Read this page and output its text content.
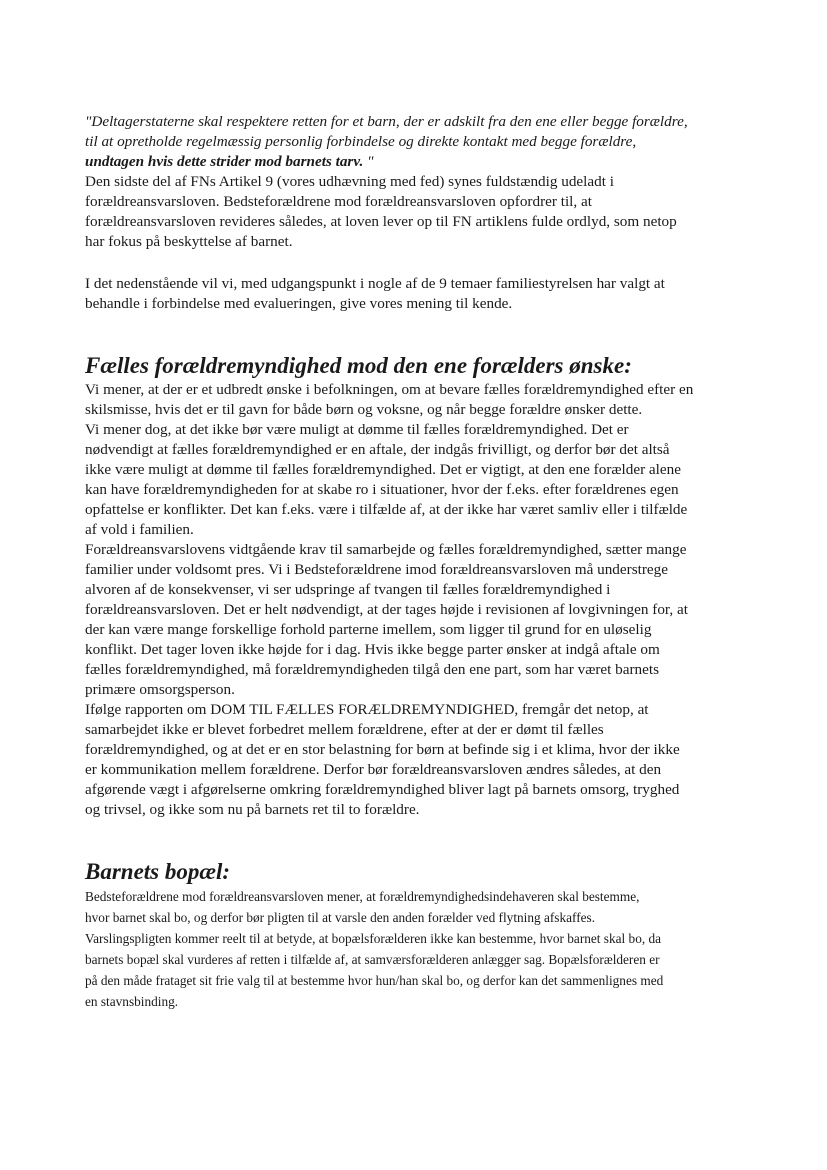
"Deltagerstaterne skal respektere retten for et barn, der er adskilt fra den ene eller begge forældre,
til at opretholde regelmæssig personlig forbindelse og direkte kontakt med begge forældre,
undtagen hvis dette strider mod barnets tarv. "
Den sidste del af FNs Artikel 9 (vores udhævning med fed) synes fuldstændig udeladt i
forældreansvarsloven. Bedsteforældrene mod forældreansvarsloven opfordrer til, at
forældreansvarsloven revideres således, at loven lever op til FN artiklens fulde ordlyd, som netop
har fokus på beskyttelse af barnet.
I det nedenstående vil vi, med udgangspunkt i nogle af de 9 temaer familiestyrelsen har valgt at
behandle i forbindelse med evalueringen, give vores mening til kende.
Fælles forældremyndighed mod den ene forælders ønske:
Vi mener, at der er et udbredt ønske i befolkningen, om at bevare fælles forældremyndighed efter en
skilsmisse, hvis det er til gavn for både børn og voksne, og når begge forældre ønsker dette.
Vi mener dog, at det ikke bør være muligt at dømme til fælles forældremyndighed. Det er
nødvendigt at fælles forældremyndighed er en aftale, der indgås frivilligt, og derfor bør det altså
ikke være muligt at dømme til fælles forældremyndighed. Det er vigtigt, at den ene forælder alene
kan have forældremyndigheden for at skabe ro i situationer, hvor der f.eks. efter forældrenes egen
opfattelse er konflikter. Det kan f.eks. være i tilfælde af, at der ikke har været samliv eller i tilfælde
af vold i familien.
Forældreansvarslovens vidtgående krav til samarbejde og fælles forældremyndighed, sætter mange
familier under voldsomt pres. Vi i Bedsteforældrene imod forældreansvarsloven må understrege
alvoren af de konsekvenser, vi ser udspringe af tvangen til fælles forældremyndighed i
forældreansvarsloven. Det er helt nødvendigt, at der tages højde i revisionen af lovgivningen for, at
der kan være mange forskellige forhold parterne imellem, som ligger til grund for en uløselig
konflikt. Det tager loven ikke højde for i dag. Hvis ikke begge parter ønsker at indgå aftale om
fælles forældremyndighed, må forældremyndigheden tilgå den ene part, som har været barnets
primære omsorgsperson.
Ifølge rapporten om DOM TIL FÆLLES FORÆLDREMYNDIGHED, fremgår det netop, at
samarbejdet ikke er blevet forbedret mellem forældrene, efter at der er dømt til fælles
forældremyndighed, og at det er en stor belastning for børn at befinde sig i et klima, hvor der ikke
er kommunikation mellem forældrene. Derfor bør forældreansvarsloven ændres således, at den
afgørende vægt i afgørelserne omkring forældremyndighed bliver lagt på barnets omsorg, tryghed
og trivsel, og ikke som nu på barnets ret til to forældre.
Barnets bopæl:
Bedsteforældrene mod forældreansvarsloven mener, at forældremyndighedsindehaveren skal bestemme,
hvor barnet skal bo, og derfor bør pligten til at varsle den anden forælder ved flytning afskaffes.
Varslingspligten kommer reelt til at betyde, at bopælsforælderen ikke kan bestemme, hvor barnet skal bo, da
barnets bopæl skal vurderes af retten i tilfælde af, at samværsforælderen anlægger sag. Bopælsforælderen er
på den måde frataget sit frie valg til at bestemme hvor hun/han skal bo, og derfor kan det sammenlignes med
en stavnsbinding.
